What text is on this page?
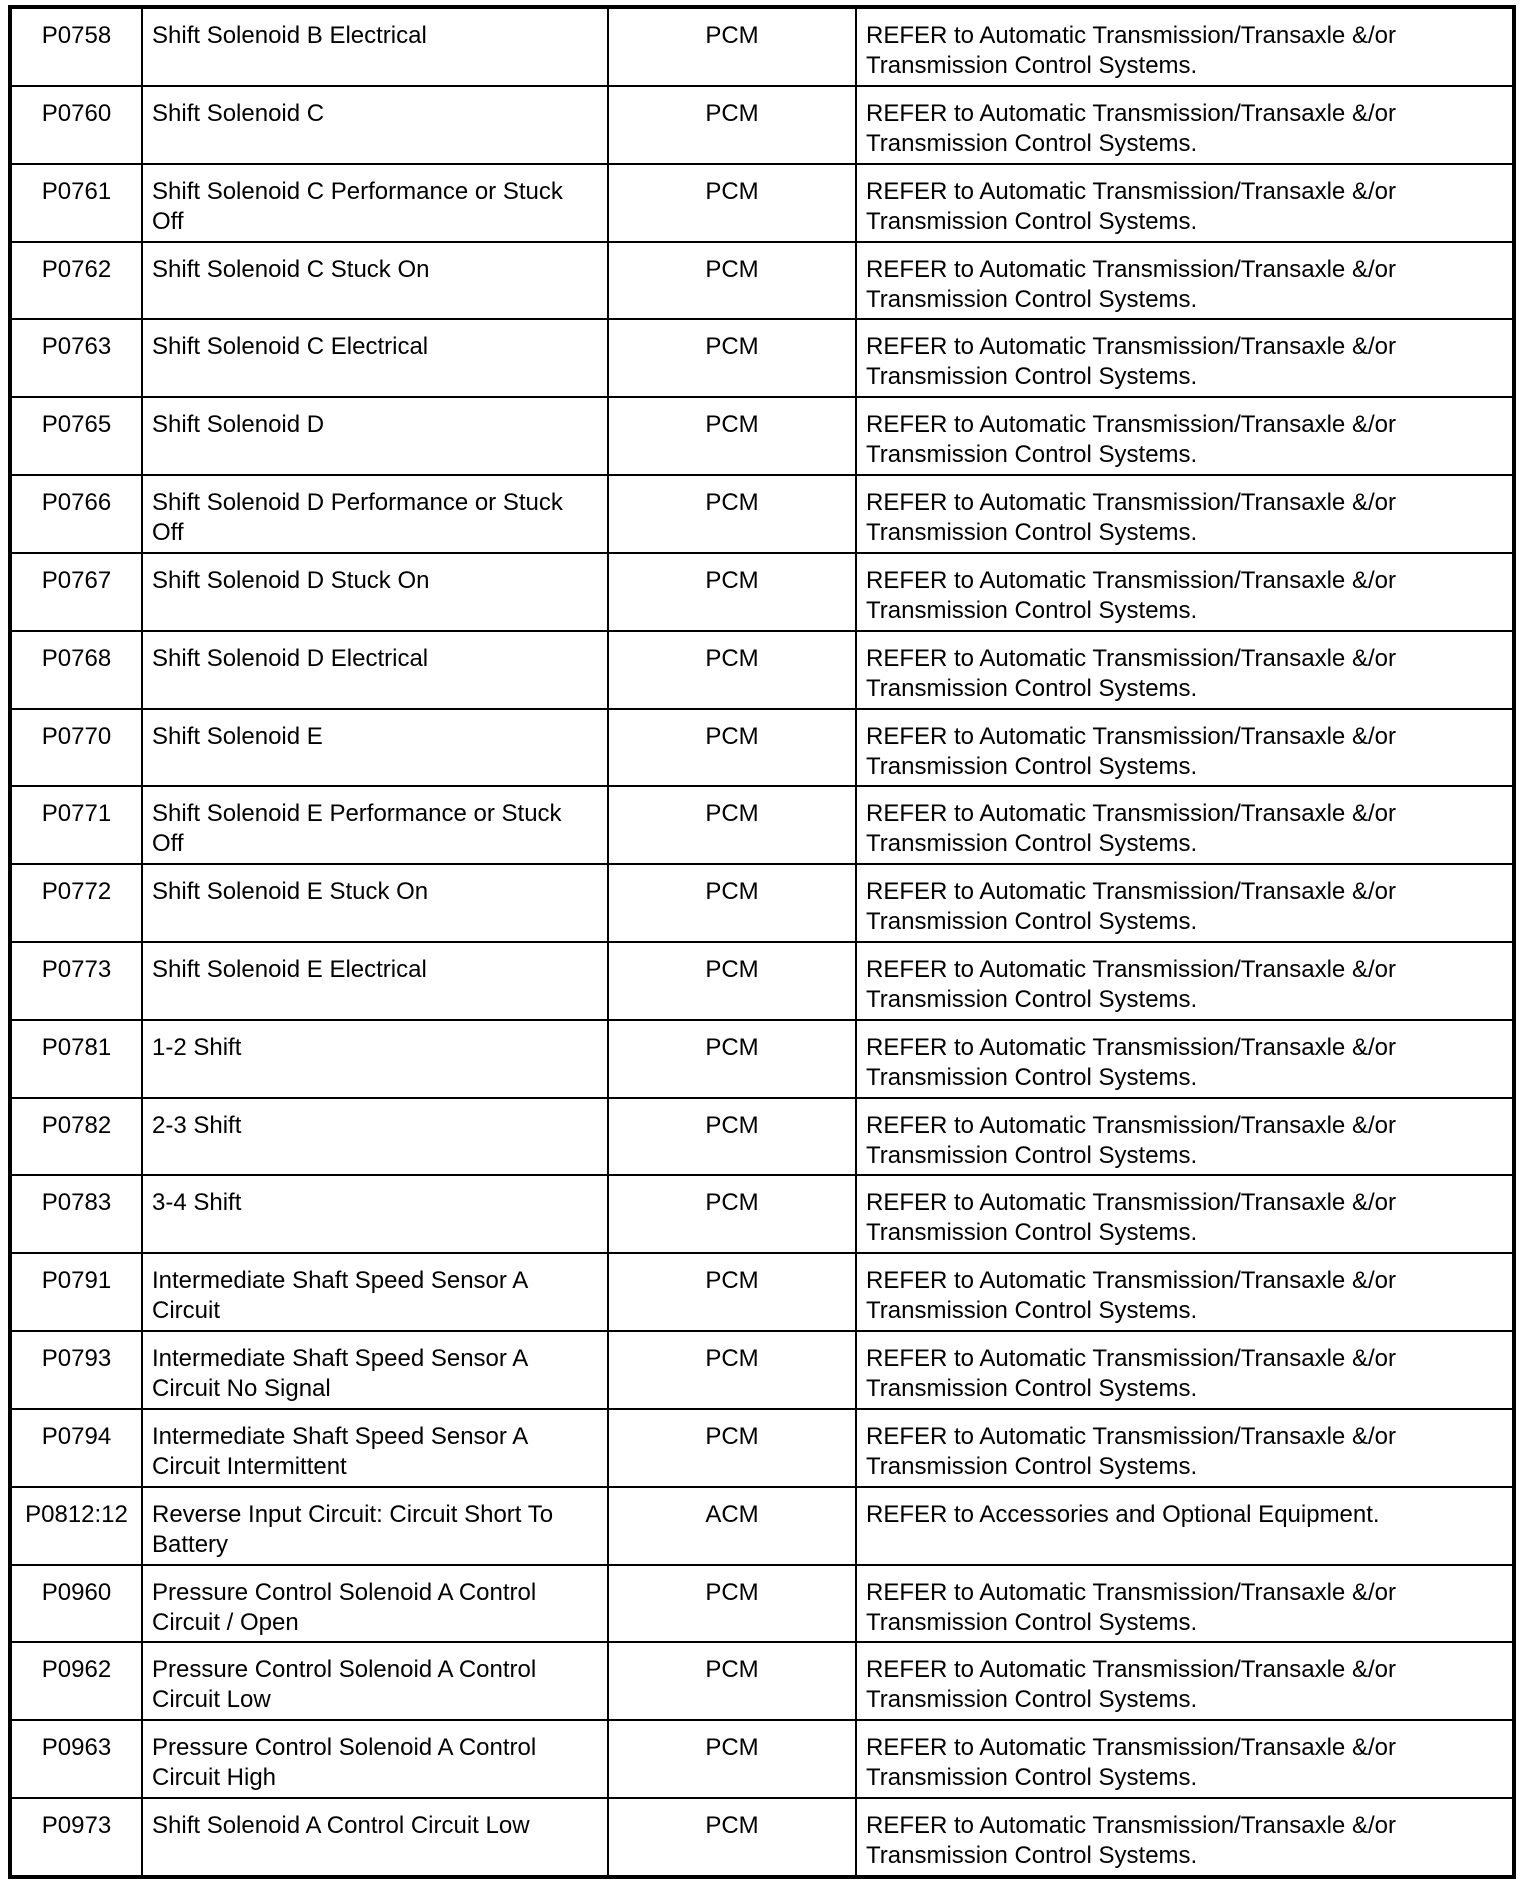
P0758	Shift Solenoid B Electrical	PCM	REFER to Automatic Transmission/Transaxle &/or Transmission Control Systems.
P0760	Shift Solenoid C	PCM	REFER to Automatic Transmission/Transaxle &/or Transmission Control Systems.
P0761	Shift Solenoid C Performance or Stuck Off	PCM	REFER to Automatic Transmission/Transaxle &/or Transmission Control Systems.
P0762	Shift Solenoid C Stuck On	PCM	REFER to Automatic Transmission/Transaxle &/or Transmission Control Systems.
P0763	Shift Solenoid C Electrical	PCM	REFER to Automatic Transmission/Transaxle &/or Transmission Control Systems.
P0765	Shift Solenoid D	PCM	REFER to Automatic Transmission/Transaxle &/or Transmission Control Systems.
P0766	Shift Solenoid D Performance or Stuck Off	PCM	REFER to Automatic Transmission/Transaxle &/or Transmission Control Systems.
P0767	Shift Solenoid D Stuck On	PCM	REFER to Automatic Transmission/Transaxle &/or Transmission Control Systems.
P0768	Shift Solenoid D Electrical	PCM	REFER to Automatic Transmission/Transaxle &/or Transmission Control Systems.
P0770	Shift Solenoid E	PCM	REFER to Automatic Transmission/Transaxle &/or Transmission Control Systems.
P0771	Shift Solenoid E Performance or Stuck Off	PCM	REFER to Automatic Transmission/Transaxle &/or Transmission Control Systems.
P0772	Shift Solenoid E Stuck On	PCM	REFER to Automatic Transmission/Transaxle &/or Transmission Control Systems.
P0773	Shift Solenoid E Electrical	PCM	REFER to Automatic Transmission/Transaxle &/or Transmission Control Systems.
P0781	1-2 Shift	PCM	REFER to Automatic Transmission/Transaxle &/or Transmission Control Systems.
P0782	2-3 Shift	PCM	REFER to Automatic Transmission/Transaxle &/or Transmission Control Systems.
P0783	3-4 Shift	PCM	REFER to Automatic Transmission/Transaxle &/or Transmission Control Systems.
P0791	Intermediate Shaft Speed Sensor A Circuit	PCM	REFER to Automatic Transmission/Transaxle &/or Transmission Control Systems.
P0793	Intermediate Shaft Speed Sensor A Circuit No Signal	PCM	REFER to Automatic Transmission/Transaxle &/or Transmission Control Systems.
P0794	Intermediate Shaft Speed Sensor A Circuit Intermittent	PCM	REFER to Automatic Transmission/Transaxle &/or Transmission Control Systems.
P0812:12	Reverse Input Circuit: Circuit Short To Battery	ACM	REFER to Accessories and Optional Equipment.
P0960	Pressure Control Solenoid A Control Circuit / Open	PCM	REFER to Automatic Transmission/Transaxle &/or Transmission Control Systems.
P0962	Pressure Control Solenoid A Control Circuit Low	PCM	REFER to Automatic Transmission/Transaxle &/or Transmission Control Systems.
P0963	Pressure Control Solenoid A Control Circuit High	PCM	REFER to Automatic Transmission/Transaxle &/or Transmission Control Systems.
P0973	Shift Solenoid A Control Circuit Low	PCM	REFER to Automatic Transmission/Transaxle &/or Transmission Control Systems.
